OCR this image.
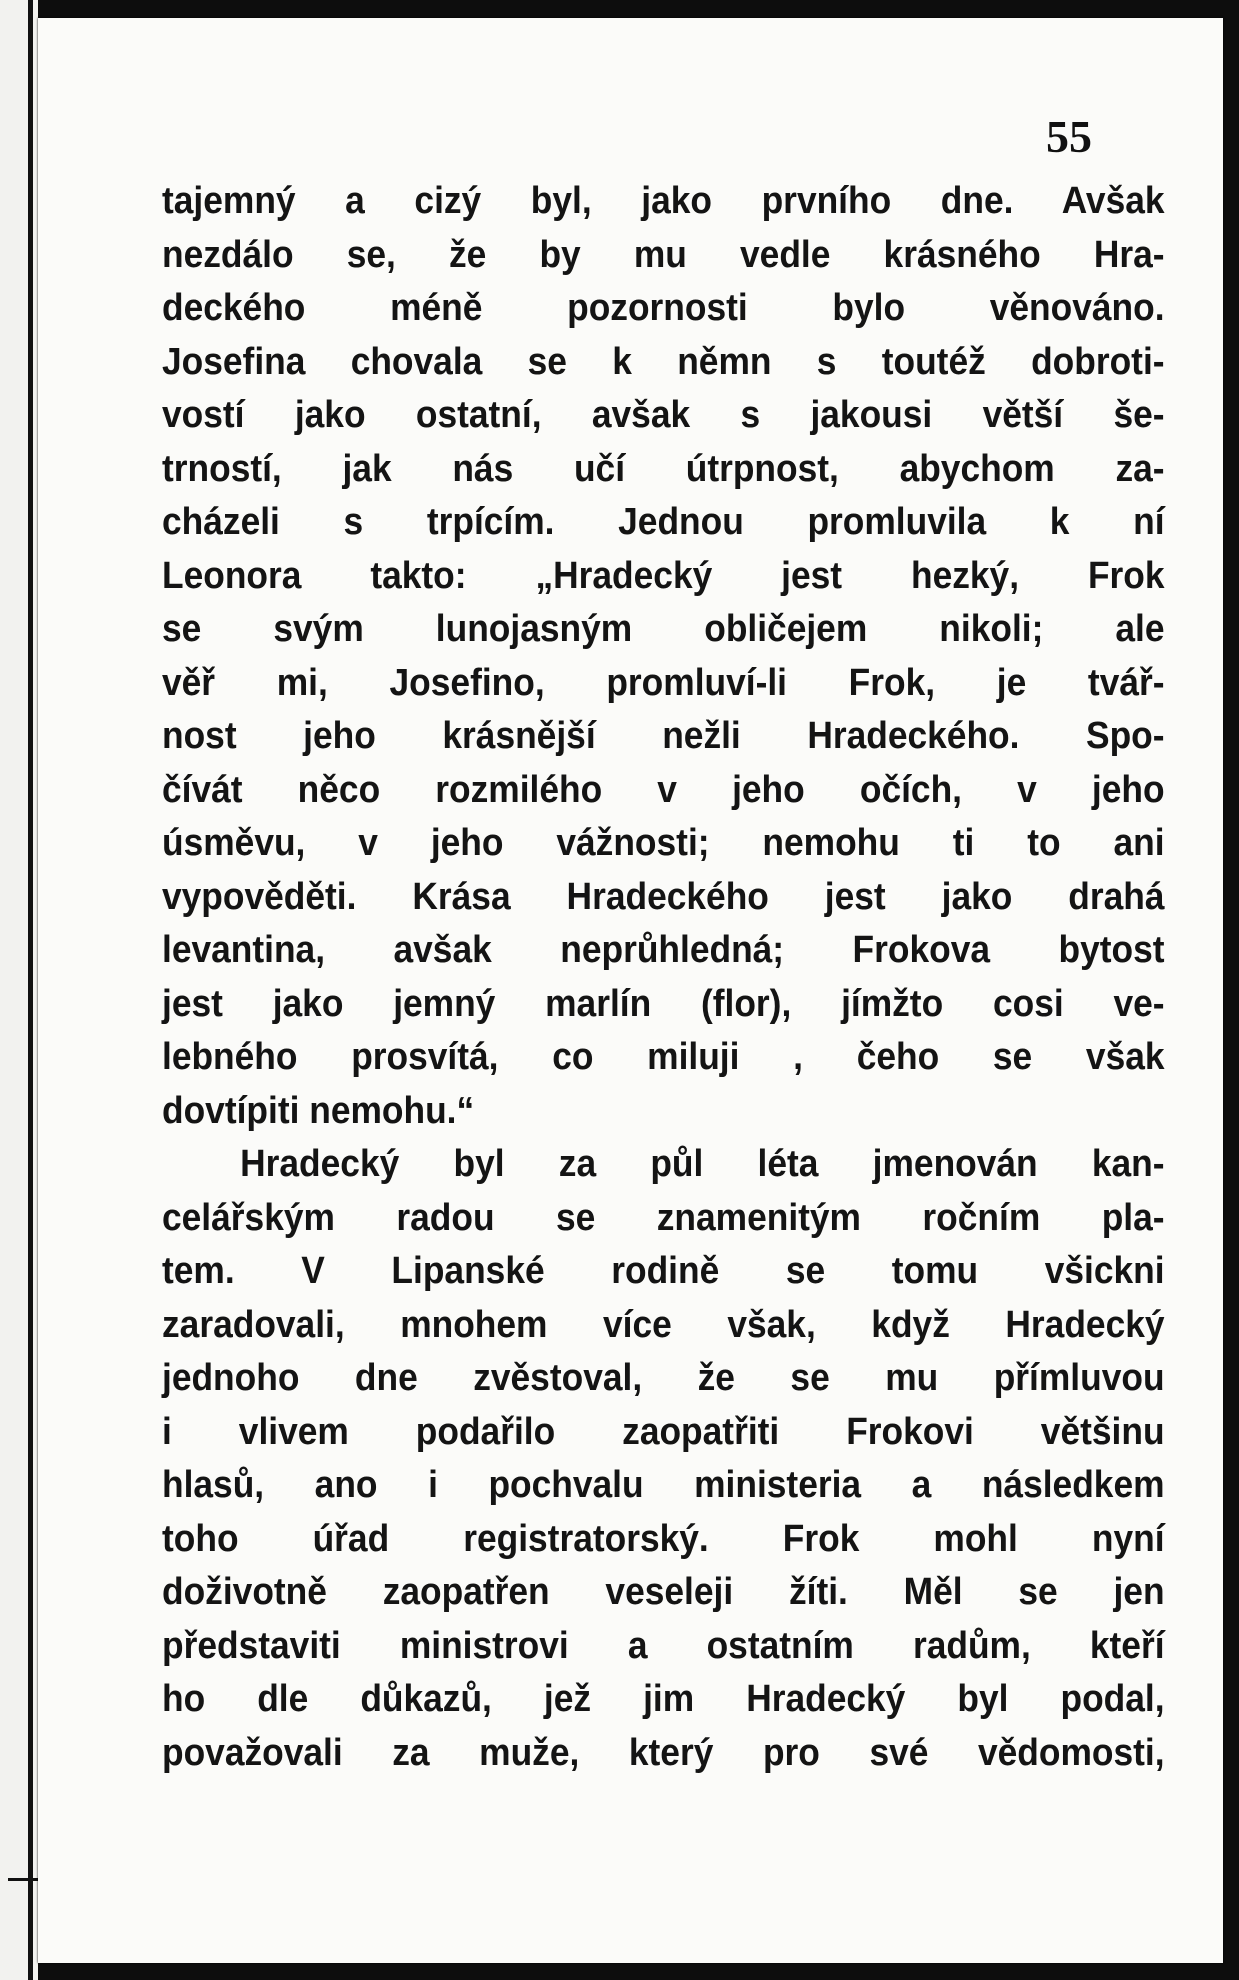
55
tajemný a cizý byl, jako prvního dne. Avšak
nezdálo se, že by mu vedle krásného Hra-
deckého méně pozornosti bylo věnováno.
Josefina chovala se k němn s toutéž dobroti-
vostí jako ostatní, avšak s jakousi větší še-
trností, jak nás učí útrpnost, abychom za-
cházeli s trpícím. Jednou promluvila k ní
Leonora takto: „Hradecký jest hezký, Frok
se svým lunojasným obličejem nikoli; ale
věř mi, Josefino, promluví-li Frok, je tvář-
nost jeho krásnější nežli Hradeckého. Spo-
čívát něco rozmilého v jeho očích, v jeho
úsměvu, v jeho vážnosti; nemohu ti to ani
vypověděti. Krása Hradeckého jest jako drahá
levantina, avšak neprůhledná; Frokova bytost
jest jako jemný marlín (flor), jímžto cosi ve-
lebného prosvítá, co miluji , čeho se však
dovtípiti nemohu.“
Hradecký byl za půl léta jmenován kan-
celářským radou se znamenitým ročním pla-
tem. V Lipanské rodině se tomu všickni
zaradovali, mnohem více však, když Hradecký
jednoho dne zvěstoval, že se mu přímluvou
i vlivem podařilo zaopatřiti Frokovi většinu
hlasů, ano i pochvalu ministeria a následkem
toho úřad registratorský. Frok mohl nyní
doživotně zaopatřen veseleji žíti. Měl se jen
představiti ministrovi a ostatním radům, kteří
ho dle důkazů, jež jim Hradecký byl podal,
považovali za muže, který pro své vědomosti,
